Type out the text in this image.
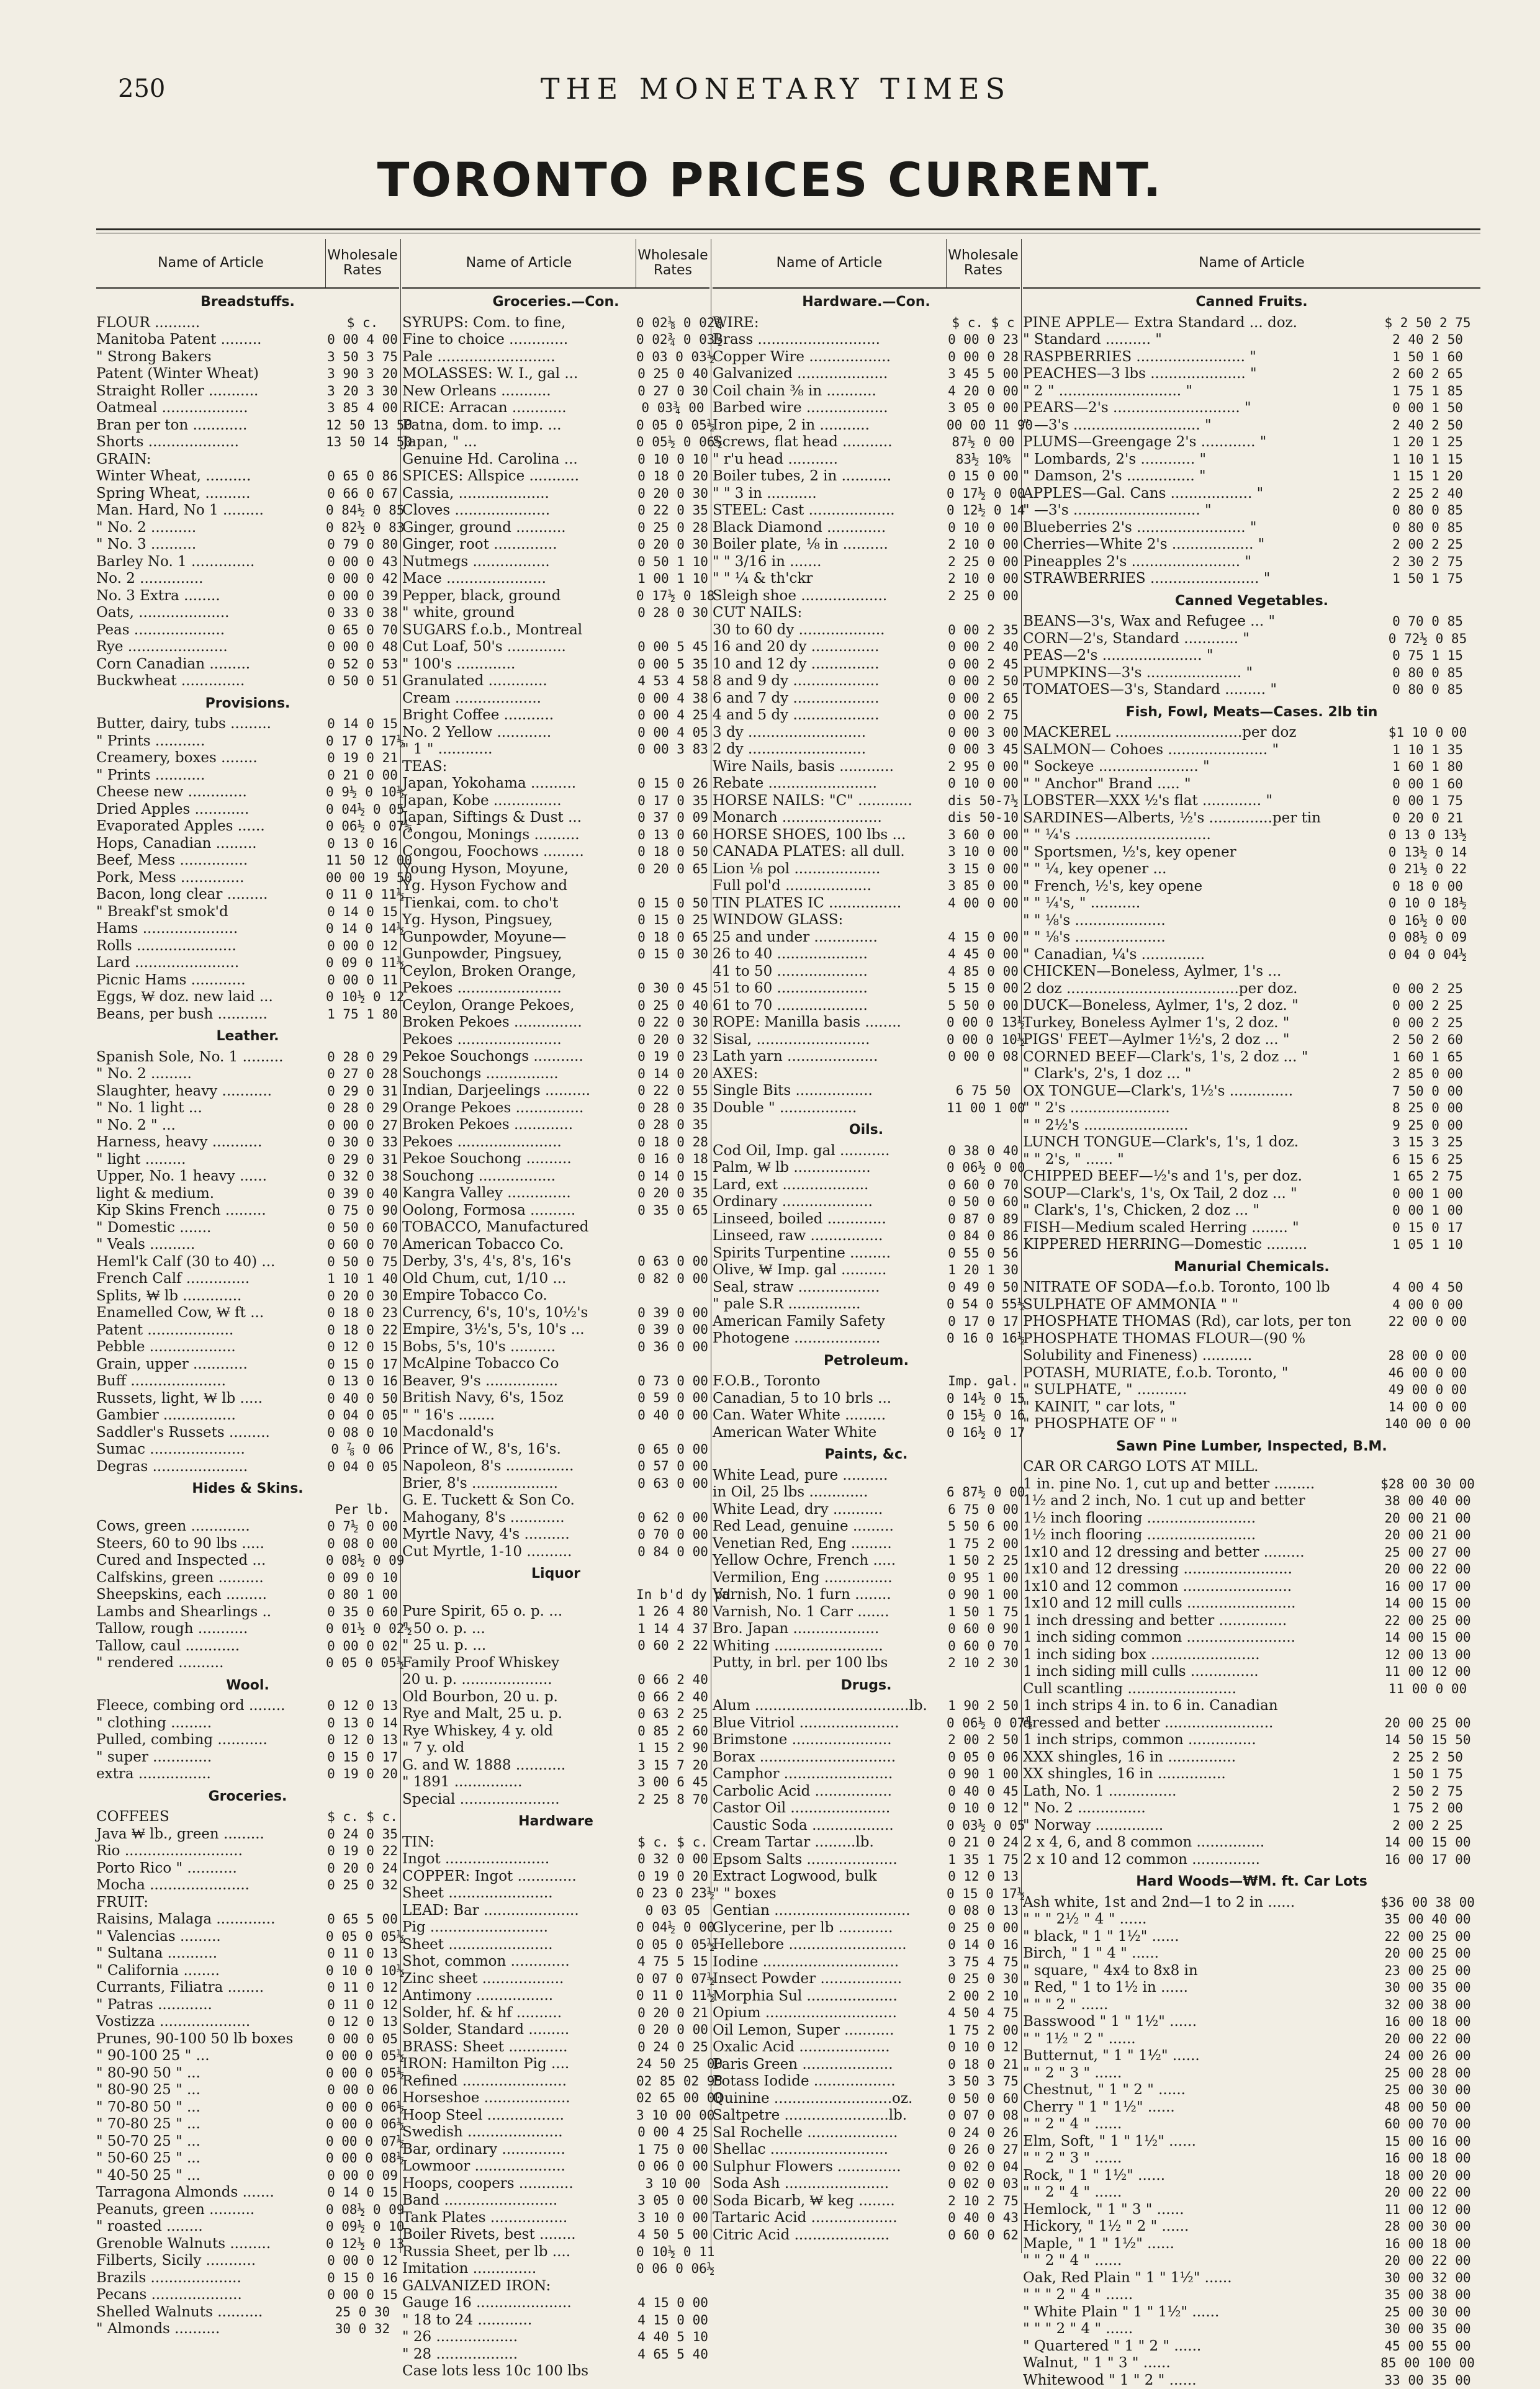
250	THE MONETARY TIMES
TORONTO PRICES CURRENT.
Name of Article	Wholesale Rates
Breadstuffs.
FLOUR ..........	$ c.
Manitoba Patent .........	0 00 4 00
" Strong Bakers	3 50 3 75
Patent (Winter Wheat)	3 90 3 20
Straight Roller ...........	3 20 3 30
Oatmeal ...................	3 85 4 00
Bran per ton ............	12 50 13 50
Shorts ....................	13 50 14 50
GRAIN:
Winter Wheat, ..........	0 65 0 86
Spring Wheat, ..........	0 66 0 67
Man. Hard, No 1 .........	0 84½ 0 85
" No. 2 ..........	0 82½ 0 83
" No. 3 ..........	0 79 0 80
Barley No. 1 ..............	0 00 0 43
No. 2 ..............	0 00 0 42
No. 3 Extra ........	0 00 0 39
Oats, ....................	0 33 0 38
Peas ....................	0 65 0 70
Rye ......................	0 00 0 48
Corn Canadian .........	0 52 0 53
Buckwheat ..............	0 50 0 51
Provisions.
Butter, dairy, tubs .........	0 14 0 15
" Prints ...........	0 17 0 17½
Creamery, boxes ........	0 19 0 21
" Prints ...........	0 21 0 00
Cheese new .............	0 9½ 0 10½
Dried Apples ............	0 04½ 0 05
Evaporated Apples ......	0 06½ 0 07½
Hops, Canadian .........	0 13 0 16
Beef, Mess ...............	11 50 12 00
Pork, Mess ..............	00 00 19 50
Bacon, long clear .........	0 11 0 11½
" Breakf'st smok'd	0 14 0 15
Hams .....................	0 14 0 14½
Rolls ......................	0 00 0 12
Lard .......................	0 09 0 11½
Picnic Hams ............	0 00 0 11
Eggs, ₩ doz. new laid ...	0 10½ 0 12
Beans, per bush ...........	1 75 1 80
Leather.
Spanish Sole, No. 1 .........	0 28 0 29
" No. 2 .........	0 27 0 28
Slaughter, heavy ...........	0 29 0 31
" No. 1 light ...	0 28 0 29
" No. 2 " ...	0 00 0 27
Harness, heavy ...........	0 30 0 33
" light .........	0 29 0 31
Upper, No. 1 heavy ......	0 32 0 38
light & medium.	0 39 0 40
Kip Skins French .........	0 75 0 90
" Domestic .......	0 50 0 60
" Veals ..........	0 60 0 70
Heml'k Calf (30 to 40) ...	0 50 0 75
French Calf ..............	1 10 1 40
Splits, ₩ lb .............	0 20 0 30
Enamelled Cow, ₩ ft ...	0 18 0 23
Patent ...................	0 18 0 22
Pebble ...................	0 12 0 15
Grain, upper ............	0 15 0 17
Buff .....................	0 13 0 16
Russets, light, ₩ lb .....	0 40 0 50
Gambier ................	0 04 0 05
Saddler's Russets .........	0 08 0 10
Sumac .....................	0 ⅞ 0 06
Degras .....................	0 04 0 05
Hides & Skins.
Per lb.
Cows, green .............	0 7½ 0 00
Steers, 60 to 90 lbs .....	0 08 0 00
Cured and Inspected ...	0 08½ 0 09
Calfskins, green ..........	0 09 0 10
Sheepskins, each .........	0 80 1 00
Lambs and Shearlings ..	0 35 0 60
Tallow, rough ...........	0 01½ 0 02½
Tallow, caul ............	0 00 0 02
" rendered ..........	0 05 0 05½
Wool.
Fleece, combing ord ........	0 12 0 13
" clothing .........	0 13 0 14
Pulled, combing ...........	0 12 0 13
" super .............	0 15 0 17
extra ................	0 19 0 20
Groceries.
COFFEES	$ c. $ c.
Java ₩ lb., green .........	0 24 0 35
Rio ..........................	0 19 0 22
Porto Rico " ...........	0 20 0 24
Mocha ......................	0 25 0 32
FRUIT:
Raisins, Malaga .............	0 65 5 00
" Valencias .........	0 05 0 05½
" Sultana ...........	0 11 0 13
" California ........	0 10 0 10½
Currants, Filiatra ........	0 11 0 12
" Patras ............	0 11 0 12
Vostizza ....................	0 12 0 13
Prunes, 90-100 50 lb boxes	0 00 0 05
" 90-100 25 " ...	0 00 0 05½
" 80-90 50 " ...	0 00 0 05½
" 80-90 25 " ...	0 00 0 06
" 70-80 50 " ...	0 00 0 06½
" 70-80 25 " ...	0 00 0 06½
" 50-70 25 " ...	0 00 0 07½
" 50-60 25 " ...	0 00 0 08½
" 40-50 25 " ...	0 00 0 09
Tarragona Almonds .......	0 14 0 15
Peanuts, green ..........	0 08½ 0 09
" roasted ........	0 09½ 0 10
Grenoble Walnuts .........	0 12½ 0 13
Filberts, Sicily ...........	0 00 0 12
Brazils ....................	0 15 0 16
Pecans ....................	0 00 0 15
Shelled Walnuts ..........	25 0 30
" Almonds ..........	30 0 32
Name of Article	Wholesale Rates
Groceries.—Con.
SYRUPS: Com. to fine,	0 02⅛ 0 02¾
Fine to choice .............	0 02¾ 0 03½
Pale ..........................	0 03 0 03½
MOLASSES: W. I., gal ...	0 25 0 40
New Orleans ...........	0 27 0 30
RICE: Arracan ............	0 03¾ 00
Patna, dom. to imp. ...	0 05 0 05½
Japan, " ...	0 05½ 0 06½
Genuine Hd. Carolina ...	0 10 0 10
SPICES: Allspice ...........	0 18 0 20
Cassia, ....................	0 20 0 30
Cloves .....................	0 22 0 35
Ginger, ground ...........	0 25 0 28
Ginger, root ..............	0 20 0 30
Nutmegs .................	0 50 1 10
Mace ......................	1 00 1 10
Pepper, black, ground	0 17½ 0 18
" white, ground	0 28 0 30
SUGARS f.o.b., Montreal
Cut Loaf, 50's .............	0 00 5 45
" 100's .............	0 00 5 35
Granulated .............	4 53 4 58
Cream ...................	0 00 4 38
Bright Coffee ...........	0 00 4 25
No. 2 Yellow ............	0 00 4 05
" 1 " ............	0 00 3 83
TEAS:
Japan, Yokohama ..........	0 15 0 26
Japan, Kobe ...............	0 17 0 35
Japan, Siftings & Dust ...	0 37 0 09
Congou, Monings ..........	0 13 0 60
Congou, Foochows .........	0 18 0 50
Young Hyson, Moyune,	0 20 0 65
Yg. Hyson Fychow and
Tienkai, com. to cho't	0 15 0 50
Yg. Hyson, Pingsuey,	0 15 0 25
Gunpowder, Moyune—	0 18 0 65
Gunpowder, Pingsuey,	0 15 0 30
Ceylon, Broken Orange,
Pekoes .......................	0 30 0 45
Ceylon, Orange Pekoes,	0 25 0 40
Broken Pekoes ...............	0 22 0 30
Pekoes .......................	0 20 0 32
Pekoe Souchongs ...........	0 19 0 23
Souchongs ................	0 14 0 20
Indian, Darjeelings ..........	0 22 0 55
Orange Pekoes ...............	0 28 0 35
Broken Pekoes .............	0 28 0 35
Pekoes .......................	0 18 0 28
Pekoe Souchong ..........	0 16 0 18
Souchong .................	0 14 0 15
Kangra Valley ..............	0 20 0 35
Oolong, Formosa ..........	0 35 0 65
TOBACCO, Manufactured
American Tobacco Co.
Derby, 3's, 4's, 8's, 16's	0 63 0 00
Old Chum, cut, 1/10 ...	0 82 0 00
Empire Tobacco Co.
Currency, 6's, 10's, 10½'s	0 39 0 00
Empire, 3½'s, 5's, 10's ...	0 39 0 00
Bobs, 5's, 10's ..........	0 36 0 00
McAlpine Tobacco Co
Beaver, 9's ................	0 73 0 00
British Navy, 6's, 15oz	0 59 0 00
" " 16's ........	0 40 0 00
Macdonald's
Prince of W., 8's, 16's.	0 65 0 00
Napoleon, 8's ...............	0 57 0 00
Brier, 8's ...................	0 63 0 00
G. E. Tuckett & Son Co.
Mahogany, 8's ............	0 62 0 00
Myrtle Navy, 4's ..........	0 70 0 00
Cut Myrtle, 1-10 ..........	0 84 0 00
Liquor
In b'd dy pd
Pure Spirit, 65 o. p. ...	1 26 4 80
" 50 o. p. ...	1 14 4 37
" 25 u. p. ...	0 60 2 22
Family Proof Whiskey
20 u. p. ....................	0 66 2 40
Old Bourbon, 20 u. p.	0 66 2 40
Rye and Malt, 25 u. p.	0 63 2 25
Rye Whiskey, 4 y. old	0 85 2 60
" 7 y. old	1 15 2 90
G. and W. 1888 ...........	3 15 7 20
" 1891 ...............	3 00 6 45
Special ......................	2 25 8 70
Hardware
TIN:	$ c. $ c.
Ingot .......................	0 32 0 00
COPPER: Ingot .............	0 19 0 20
Sheet .......................	0 23 0 23½
LEAD: Bar .....................	0 03 05
Pig ..........................	0 04½ 0 00
Sheet .......................	0 05 0 05½
Shot, common .............	4 75 5 15
Zinc sheet ..................	0 07 0 07½
Antimony .................	0 11 0 11½
Solder, hf. & hf ..........	0 20 0 21
Solder, Standard .........	0 20 0 00
BRASS: Sheet .............	0 24 0 25
IRON: Hamilton Pig ....	24 50 25 00
Refined .......................	02 85 02 95
Horseshoe ...................	02 65 00 00
Hoop Steel .................	3 10 00 00
Swedish .....................	0 00 4 25
Bar, ordinary ..............	1 75 0 00
Lowmoor ....................	0 06 0 00
Hoops, coopers ............	3 10 00
Band .........................	3 05 0 00
Tank Plates .................	3 10 0 00
Boiler Rivets, best ........	4 50 5 00
Russia Sheet, per lb ....	0 10½ 0 11
Imitation ..............	0 06 0 06½
GALVANIZED IRON:
Gauge 16 .....................	4 15 0 00
" 18 to 24 ............	4 15 0 00
" 26 ..................	4 40 5 10
" 28 ..................	4 65 5 40
Case lots less 10c 100 lbs
Name of Article	Wholesale Rates
Hardware.—Con.
WIRE:	$ c. $ c
Brass ...........................	0 00 0 23
Copper Wire ..................	0 00 0 28
Galvanized ....................	3 45 5 00
Coil chain ⅜ in ...........	4 20 0 00
Barbed wire ..................	3 05 0 00
Iron pipe, 2 in ...........	00 00 11 90
Screws, flat head ...........	87½ 0 00
" r'u head ...........	83½ 10%
Boiler tubes, 2 in ...........	0 15 0 00
" " 3 in ...........	0 17½ 0 00
STEEL: Cast ...................	0 12½ 0 14
Black Diamond .............	0 10 0 00
Boiler plate, ⅛ in ..........	2 10 0 00
" " 3/16 in .......	2 25 0 00
" " ¼ & th'ckr	2 10 0 00
Sleigh shoe ...................	2 25 0 00
CUT NAILS:
30 to 60 dy ...................	0 00 2 35
16 and 20 dy ...............	0 00 2 40
10 and 12 dy ...............	0 00 2 45
8 and 9 dy ...................	0 00 2 50
6 and 7 dy ...................	0 00 2 65
4 and 5 dy ...................	0 00 2 75
3 dy ..........................	0 00 3 00
2 dy ..........................	0 00 3 45
Wire Nails, basis ............	2 95 0 00
Rebate ........................	0 10 0 00
HORSE NAILS: "C" ............	dis 50-7½
Monarch ......................	dis 50-10
HORSE SHOES, 100 lbs ...	3 60 0 00
CANADA PLATES: all dull.	3 10 0 00
Lion ⅛ pol ...................	3 15 0 00
Full pol'd ...................	3 85 0 00
TIN PLATES IC ................	4 00 0 00
WINDOW GLASS:
25 and under ..............	4 15 0 00
26 to 40 ....................	4 45 0 00
41 to 50 ....................	4 85 0 00
51 to 60 ....................	5 15 0 00
61 to 70 ....................	5 50 0 00
ROPE: Manilla basis ........	0 00 0 13½
Sisal, .........................	0 00 0 10½
Lath yarn ....................	0 00 0 08
AXES:
Single Bits .................	6 75 50
Double " .................	11 00 1 00
Oils.
Cod Oil, Imp. gal ...........	0 38 0 40
Palm, ₩ lb .................	0 06½ 0 00
Lard, ext ...................	0 60 0 70
Ordinary ....................	0 50 0 60
Linseed, boiled .............	0 87 0 89
Linseed, raw ................	0 84 0 86
Spirits Turpentine .........	0 55 0 56
Olive, ₩ Imp. gal ..........	1 20 1 30
Seal, straw ..................	0 49 0 50
" pale S.R ................	0 54 0 55½
American Family Safety	0 17 0 17
Photogene ...................	0 16 0 16½
Petroleum.
F.O.B., Toronto	Imp. gal.
Canadian, 5 to 10 brls ...	0 14½ 0 15
Can. Water White .........	0 15½ 0 16
American Water White	0 16½ 0 17
Paints, &c.
White Lead, pure ..........
in Oil, 25 lbs .............	6 87½ 0 00
White Lead, dry ...........	6 75 0 00
Red Lead, genuine .........	5 50 6 00
Venetian Red, Eng .........	1 75 2 00
Yellow Ochre, French .....	1 50 2 25
Vermilion, Eng ...............	0 95 1 00
Varnish, No. 1 furn ........	0 90 1 00
Varnish, No. 1 Carr .......	1 50 1 75
Bro. Japan ...................	0 60 0 90
Whiting ........................	0 60 0 70
Putty, in brl. per 100 lbs	2 10 2 30
Drugs.
Alum ..................................lb.	1 90 2 50
Blue Vitriol ......................	0 06½ 0 07½
Brimstone ......................	2 00 2 50
Borax ..............................	0 05 0 06
Camphor ........................	0 90 1 00
Carbolic Acid .................	0 40 0 45
Castor Oil ......................	0 10 0 12
Caustic Soda ..................	0 03½ 0 05
Cream Tartar .........lb.	0 21 0 24
Epsom Salts ....................	1 35 1 75
Extract Logwood, bulk	0 12 0 13
" " boxes	0 15 0 17½
Gentian ..............................	0 08 0 13
Glycerine, per lb ............	0 25 0 00
Hellebore ..........................	0 14 0 16
Iodine ..............................	3 75 4 75
Insect Powder ..................	0 25 0 30
Morphia Sul ....................	2 00 2 10
Opium .............................	4 50 4 75
Oil Lemon, Super ...........	1 75 2 00
Oxalic Acid ....................	0 10 0 12
Paris Green ....................	0 18 0 21
Potass Iodide ..................	3 50 3 75
Quinine ..........................oz.	0 50 0 60
Saltpetre .......................lb.	0 07 0 08
Sal Rochelle ....................	0 24 0 26
Shellac ..........................	0 26 0 27
Sulphur Flowers ..............	0 02 0 04
Soda Ash .......................	0 02 0 03
Soda Bicarb, ₩ keg ........	2 10 2 75
Tartaric Acid ...................	0 40 0 43
Citric Acid .....................	0 60 0 62
Name of Article
Canned Fruits.
PINE APPLE— Extra Standard ... doz.	$ 2 50 2 75
" Standard .......... "	2 40 2 50
RASPBERRIES ........................ "	1 50 1 60
PEACHES—3 lbs ..................... "	2 60 2 65
" 2 " ........................... "	1 75 1 85
PEARS—2's ............................ "	0 00 1 50
" —3's ............................ "	2 40 2 50
PLUMS—Greengage 2's ............ "	1 20 1 25
" Lombards, 2's ............ "	1 10 1 15
" Damson, 2's ............... "	1 15 1 20
APPLES—Gal. Cans .................. "	2 25 2 40
" —3's ............................ "	0 80 0 85
Blueberries 2's ........................ "	0 80 0 85
Cherries—White 2's .................. "	2 00 2 25
Pineapples 2's ........................ "	2 30 2 75
STRAWBERRIES ........................ "	1 50 1 75
Canned Vegetables.
BEANS—3's, Wax and Refugee ... "	0 70 0 85
CORN—2's, Standard ............ "	0 72½ 0 85
PEAS—2's ...................... "	0 75 1 15
PUMPKINS—3's ..................... "	0 80 0 85
TOMATOES—3's, Standard ......... "	0 80 0 85
Fish, Fowl, Meats—Cases. 2lb tin
MACKEREL ............................per doz	$1 10 0 00
SALMON— Cohoes ...................... "	1 10 1 35
" Sockeye ...................... "	1 60 1 80
" " Anchor" Brand ..... "	0 00 1 60
LOBSTER—XXX ½'s flat ............. "	0 00 1 75
SARDINES—Alberts, ½'s ..............per tin	0 20 0 21
" " ¼'s ..............................	0 13 0 13½
" Sportsmen, ½'s, key opener	0 13½ 0 14
" " ¼, key opener ...	0 21½ 0 22
" French, ½'s, key opene	0 18 0 00
" " ¼'s, " ...........	0 10 0 18½
" " ⅛'s ....................	0 16½ 0 00
" " ⅛'s ....................	0 08½ 0 09
" Canadian, ¼'s ..............	0 04 0 04½
CHICKEN—Boneless, Aylmer, 1's ...
2 doz ......................................per doz.	0 00 2 25
DUCK—Boneless, Aylmer, 1's, 2 doz. "	0 00 2 25
Turkey, Boneless Aylmer 1's, 2 doz. "	0 00 2 25
PIGS' FEET—Aylmer 1½'s, 2 doz ... "	2 50 2 60
CORNED BEEF—Clark's, 1's, 2 doz ... "	1 60 1 65
" Clark's, 2's, 1 doz ... "	2 85 0 00
OX TONGUE—Clark's, 1½'s ..............	7 50 0 00
" " 2's ......................	8 25 0 00
" " 2½'s .......................	9 25 0 00
LUNCH TONGUE—Clark's, 1's, 1 doz.	3 15 3 25
" " 2's, " ...... "	6 15 6 25
CHIPPED BEEF—½'s and 1's, per doz.	1 65 2 75
SOUP—Clark's, 1's, Ox Tail, 2 doz ... "	0 00 1 00
" Clark's, 1's, Chicken, 2 doz ... "	0 00 1 00
FISH—Medium scaled Herring ........ "	0 15 0 17
KIPPERED HERRING—Domestic .........	1 05 1 10
Manurial Chemicals.
NITRATE OF SODA—f.o.b. Toronto, 100 lb	4 00 4 50
SULPHATE OF AMMONIA " "	4 00 0 00
PHOSPHATE THOMAS (Rd), car lots, per ton	22 00 0 00
PHOSPHATE THOMAS FLOUR—(90 %
Solubility and Fineness) ...........	28 00 0 00
POTASH, MURIATE, f.o.b. Toronto, "	46 00 0 00
" SULPHATE, " ...........	49 00 0 00
" KAINIT, " car lots, "	14 00 0 00
" PHOSPHATE OF " "	140 00 0 00
Sawn Pine Lumber, Inspected, B.M.
CAR OR CARGO LOTS AT MILL.
1 in. pine No. 1, cut up and better .........	$28 00 30 00
1½ and 2 inch, No. 1 cut up and better	38 00 40 00
1½ inch flooring ........................	20 00 21 00
1½ inch flooring ........................	20 00 21 00
1x10 and 12 dressing and better .........	25 00 27 00
1x10 and 12 dressing ........................	20 00 22 00
1x10 and 12 common ........................	16 00 17 00
1x10 and 12 mill culls ........................	14 00 15 00
1 inch dressing and better ...............	22 00 25 00
1 inch siding common ........................	14 00 15 00
1 inch siding box ........................	12 00 13 00
1 inch siding mill culls ...............	11 00 12 00
Cull scantling ........................	11 00 0 00
1 inch strips 4 in. to 6 in. Canadian
dressed and better ........................	20 00 25 00
1 inch strips, common ...............	14 50 15 50
XXX shingles, 16 in ...............	2 25 2 50
XX shingles, 16 in ...............	1 50 1 75
Lath, No. 1 ...............	2 50 2 75
" No. 2 ...............	1 75 2 00
" Norway ...............	2 00 2 25
2 x 4, 6, and 8 common ...............	14 00 15 00
2 x 10 and 12 common ...............	16 00 17 00
Hard Woods—₩M. ft. Car Lots
Ash white, 1st and 2nd—1 to 2 in ......	$36 00 38 00
" " " 2½ " 4 " ......	35 00 40 00
" black, " 1 " 1½" ......	22 00 25 00
Birch, " 1 " 4 " ......	20 00 25 00
" square, " 4x4 to 8x8 in	23 00 25 00
" Red, " 1 to 1½ in ......	30 00 35 00
" " " 2 " ......	32 00 38 00
Basswood " 1 " 1½" ......	16 00 18 00
" " 1½ " 2 " ......	20 00 22 00
Butternut, " 1 " 1½" ......	24 00 26 00
" " 2 " 3 " ......	25 00 28 00
Chestnut, " 1 " 2 " ......	25 00 30 00
Cherry " 1 " 1½" ......	48 00 50 00
" " 2 " 4 " ......	60 00 70 00
Elm, Soft, " 1 " 1½" ......	15 00 16 00
" " 2 " 3 " ......	16 00 18 00
Rock, " 1 " 1½" ......	18 00 20 00
" " 2 " 4 " ......	20 00 22 00
Hemlock, " 1 " 3 " ......	11 00 12 00
Hickory, " 1½ " 2 " ......	28 00 30 00
Maple, " 1 " 1½" ......	16 00 18 00
" " 2 " 4 " ......	20 00 22 00
Oak, Red Plain " 1 " 1½" ......	30 00 32 00
" " " 2 " 4 " ......	35 00 38 00
" White Plain " 1 " 1½" ......	25 00 30 00
" " " 2 " 4 " ......	30 00 35 00
" Quartered " 1 " 2 " ......	45 00 55 00
Walnut, " 1 " 3 " ......	85 00 100 00
Whitewood " 1 " 2 " ......	33 00 35 00
